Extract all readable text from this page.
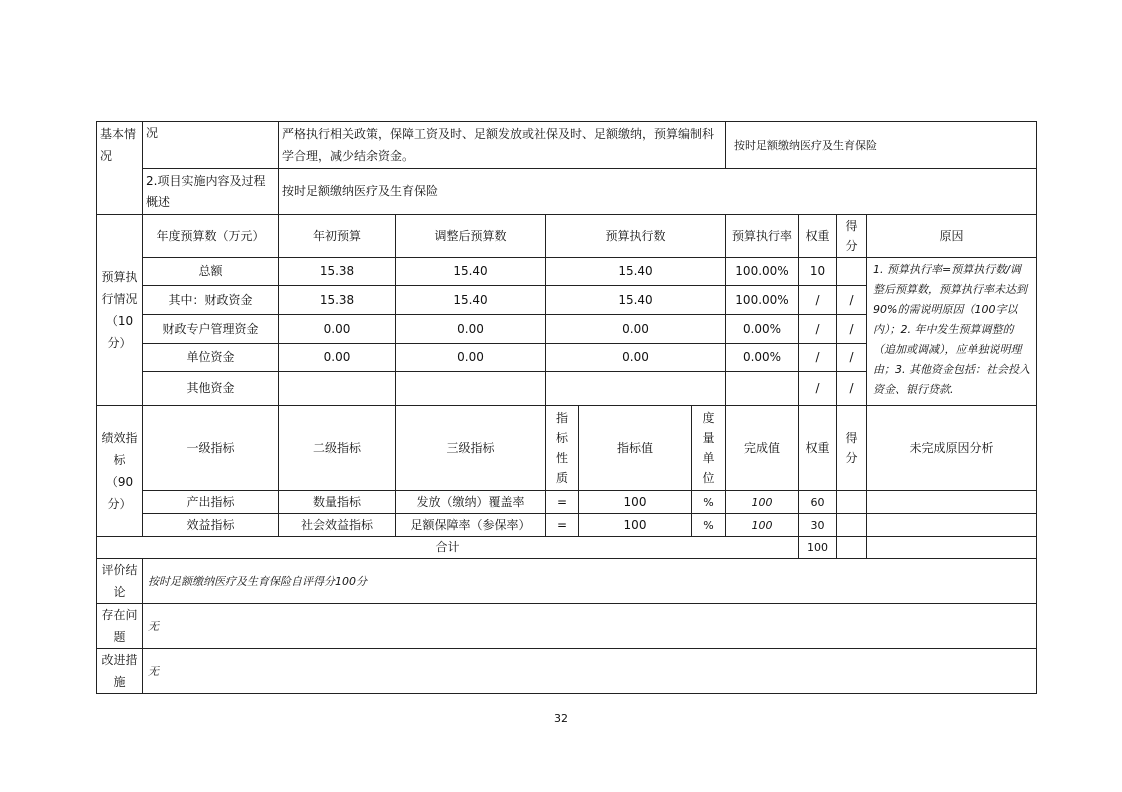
基本情况	况	严格执行相关政策，保障工资及时、足额发放或社保及时、足额缴纳，预算编制科学合理，减少结余资金。					按时足额缴纳医疗及生育保险			
	2.项目实施内容及过程概述	按时足额缴纳医疗及生育保险								
预算执行情况（10分）	年度预算数（万元）	年初预算	调整后预算数	预算执行数			预算执行率	权重	得分	原因
	总额	15.38	15.40	15.40			100.00%	10		1. 预算执行率=预算执行数/调整后预算数，预算执行率未达到90%的需说明原因（100字以内）；2. 年中发生预算调整的（追加或调减），应单独说明理由；3. 其他资金包括：社会投入资金、银行贷款.
	其中：财政资金	15.38	15.40	15.40			100.00%	/	/	
	财政专户管理资金	0.00	0.00	0.00			0.00%	/	/	
	单位资金	0.00	0.00	0.00			0.00%	/	/	
	其他资金							/	/	
绩效指标（90分）	一级指标	二级指标	三级指标	指标性质	指标值	度量单位	完成值	权重	得分	未完成原因分析
	产出指标	数量指标	发放（缴纳）覆盖率	=	100	%	100	60		
	效益指标	社会效益指标	足额保障率（参保率）	=	100	%	100	30		
合计								100		
评价结论	按时足额缴纳医疗及生育保险自评得分100分									
存在问题	无									
改进措施	无									
32
